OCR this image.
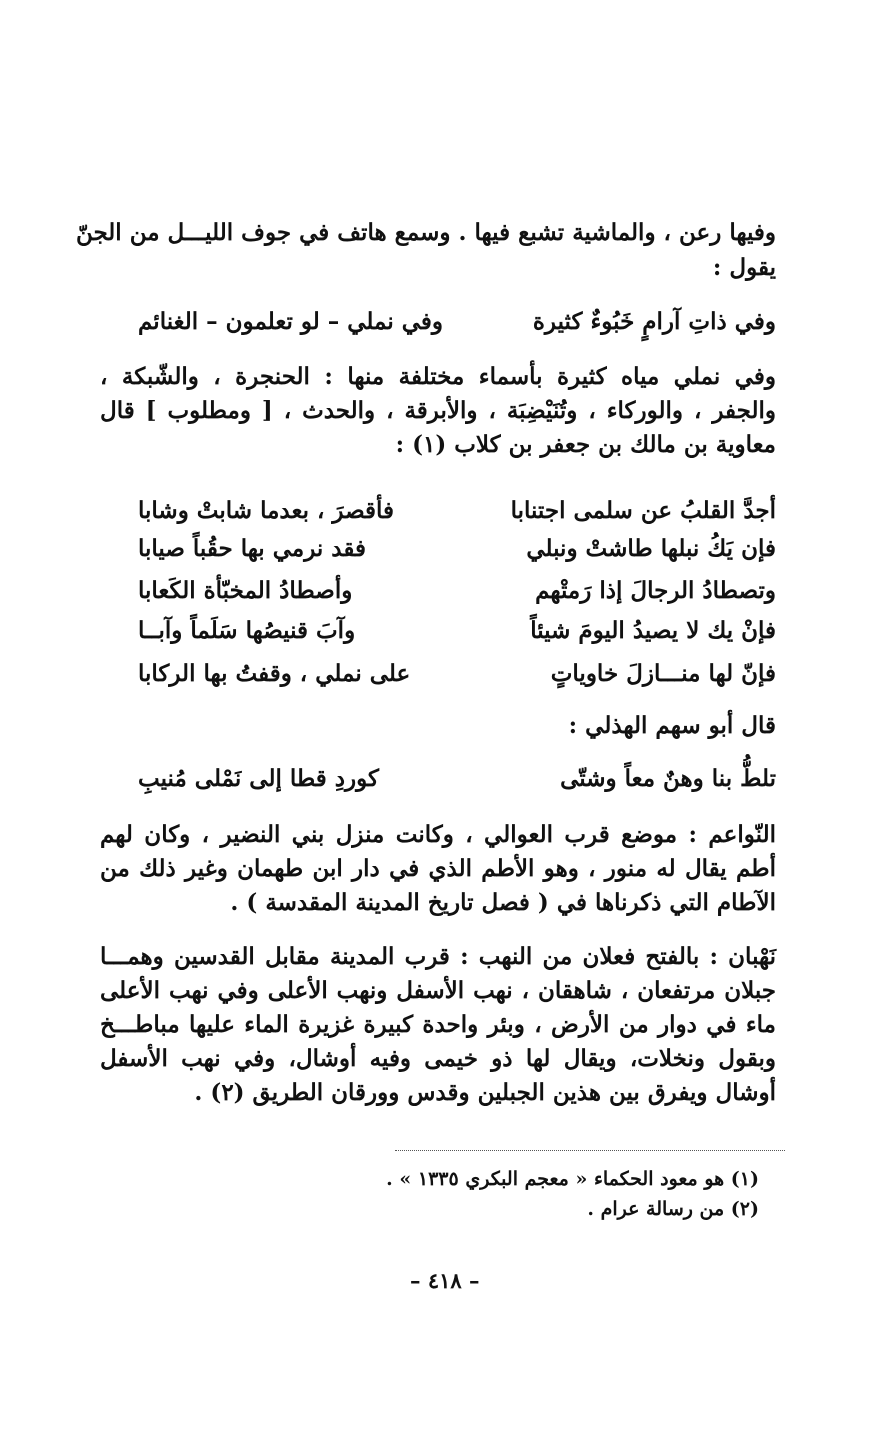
وفيها رعن ، والماشية تشبع فيها . وسمع هاتف في جوف الليـــل من الجنّ
يقول :
وفي ذاتِ آرامٍ خَبُوءٌ كثيرة
وفي نملي – لو تعلمون – الغنائم
وفي نملي مياه كثيرة بأسماء مختلفة منها : الحنجرة ، والشّبكة ، والجفر ، والوركاء ، وتُنَيْضِبَة ، والأبرقة ، والحدث ، [ ومطلوب ] قال معاوية بن مالك بن جعفر بن كلاب (١) :
أجدَّ القلبُ عن سلمى اجتنابا
فأقصرَ ، بعدما شابتْ وشابا
فإن يَكُ نبلها طاشتْ ونبلي
فقد نرمي بها حقُباً صيابا
وتصطادُ الرجالَ إذا رَمتْهم
وأصطادُ المخبّأة الكَعابا
فإنْ يك لا يصيدُ اليومَ شيئاً
وآبَ قنيصُها سَلَماً وآبــا
فإنّ لها منـــازلَ خاوياتٍ
على نملي ، وقفتُ بها الركابا
قال أبو سهم الهذلي :
تلطُّ بنا وهنٌ معاً وشتّى
كوردِ قطا إلى نَمْلى مُنيبِ
النّواعم : موضع قرب العوالي ، وكانت منزل بني النضير ، وكان لهم أطم يقال له منور ، وهو الأطم الذي في دار ابن طهمان وغير ذلك من الآطام التي ذكرناها في ( فصل تاريخ المدينة المقدسة ) .
نَهْبان : بالفتح فعلان من النهب : قرب المدينة مقابل القدسين وهمـــا جبلان مرتفعان ، شاهقان ، نهب الأسفل ونهب الأعلى وفي نهب الأعلى ماء في دوار من الأرض ، وبئر واحدة كبيرة غزيرة الماء عليها مباطـــخ وبقول ونخلات، ويقال لها ذو خيمى وفيه أوشال، وفي نهب الأسفل أوشال ويفرق بين هذين الجبلين وقدس وورقان الطريق (٢) .
(١) هو معود الحكماء « معجم البكري ١٣٣٥ » .
(٢) من رسالة عرام .
– ٤١٨ –
